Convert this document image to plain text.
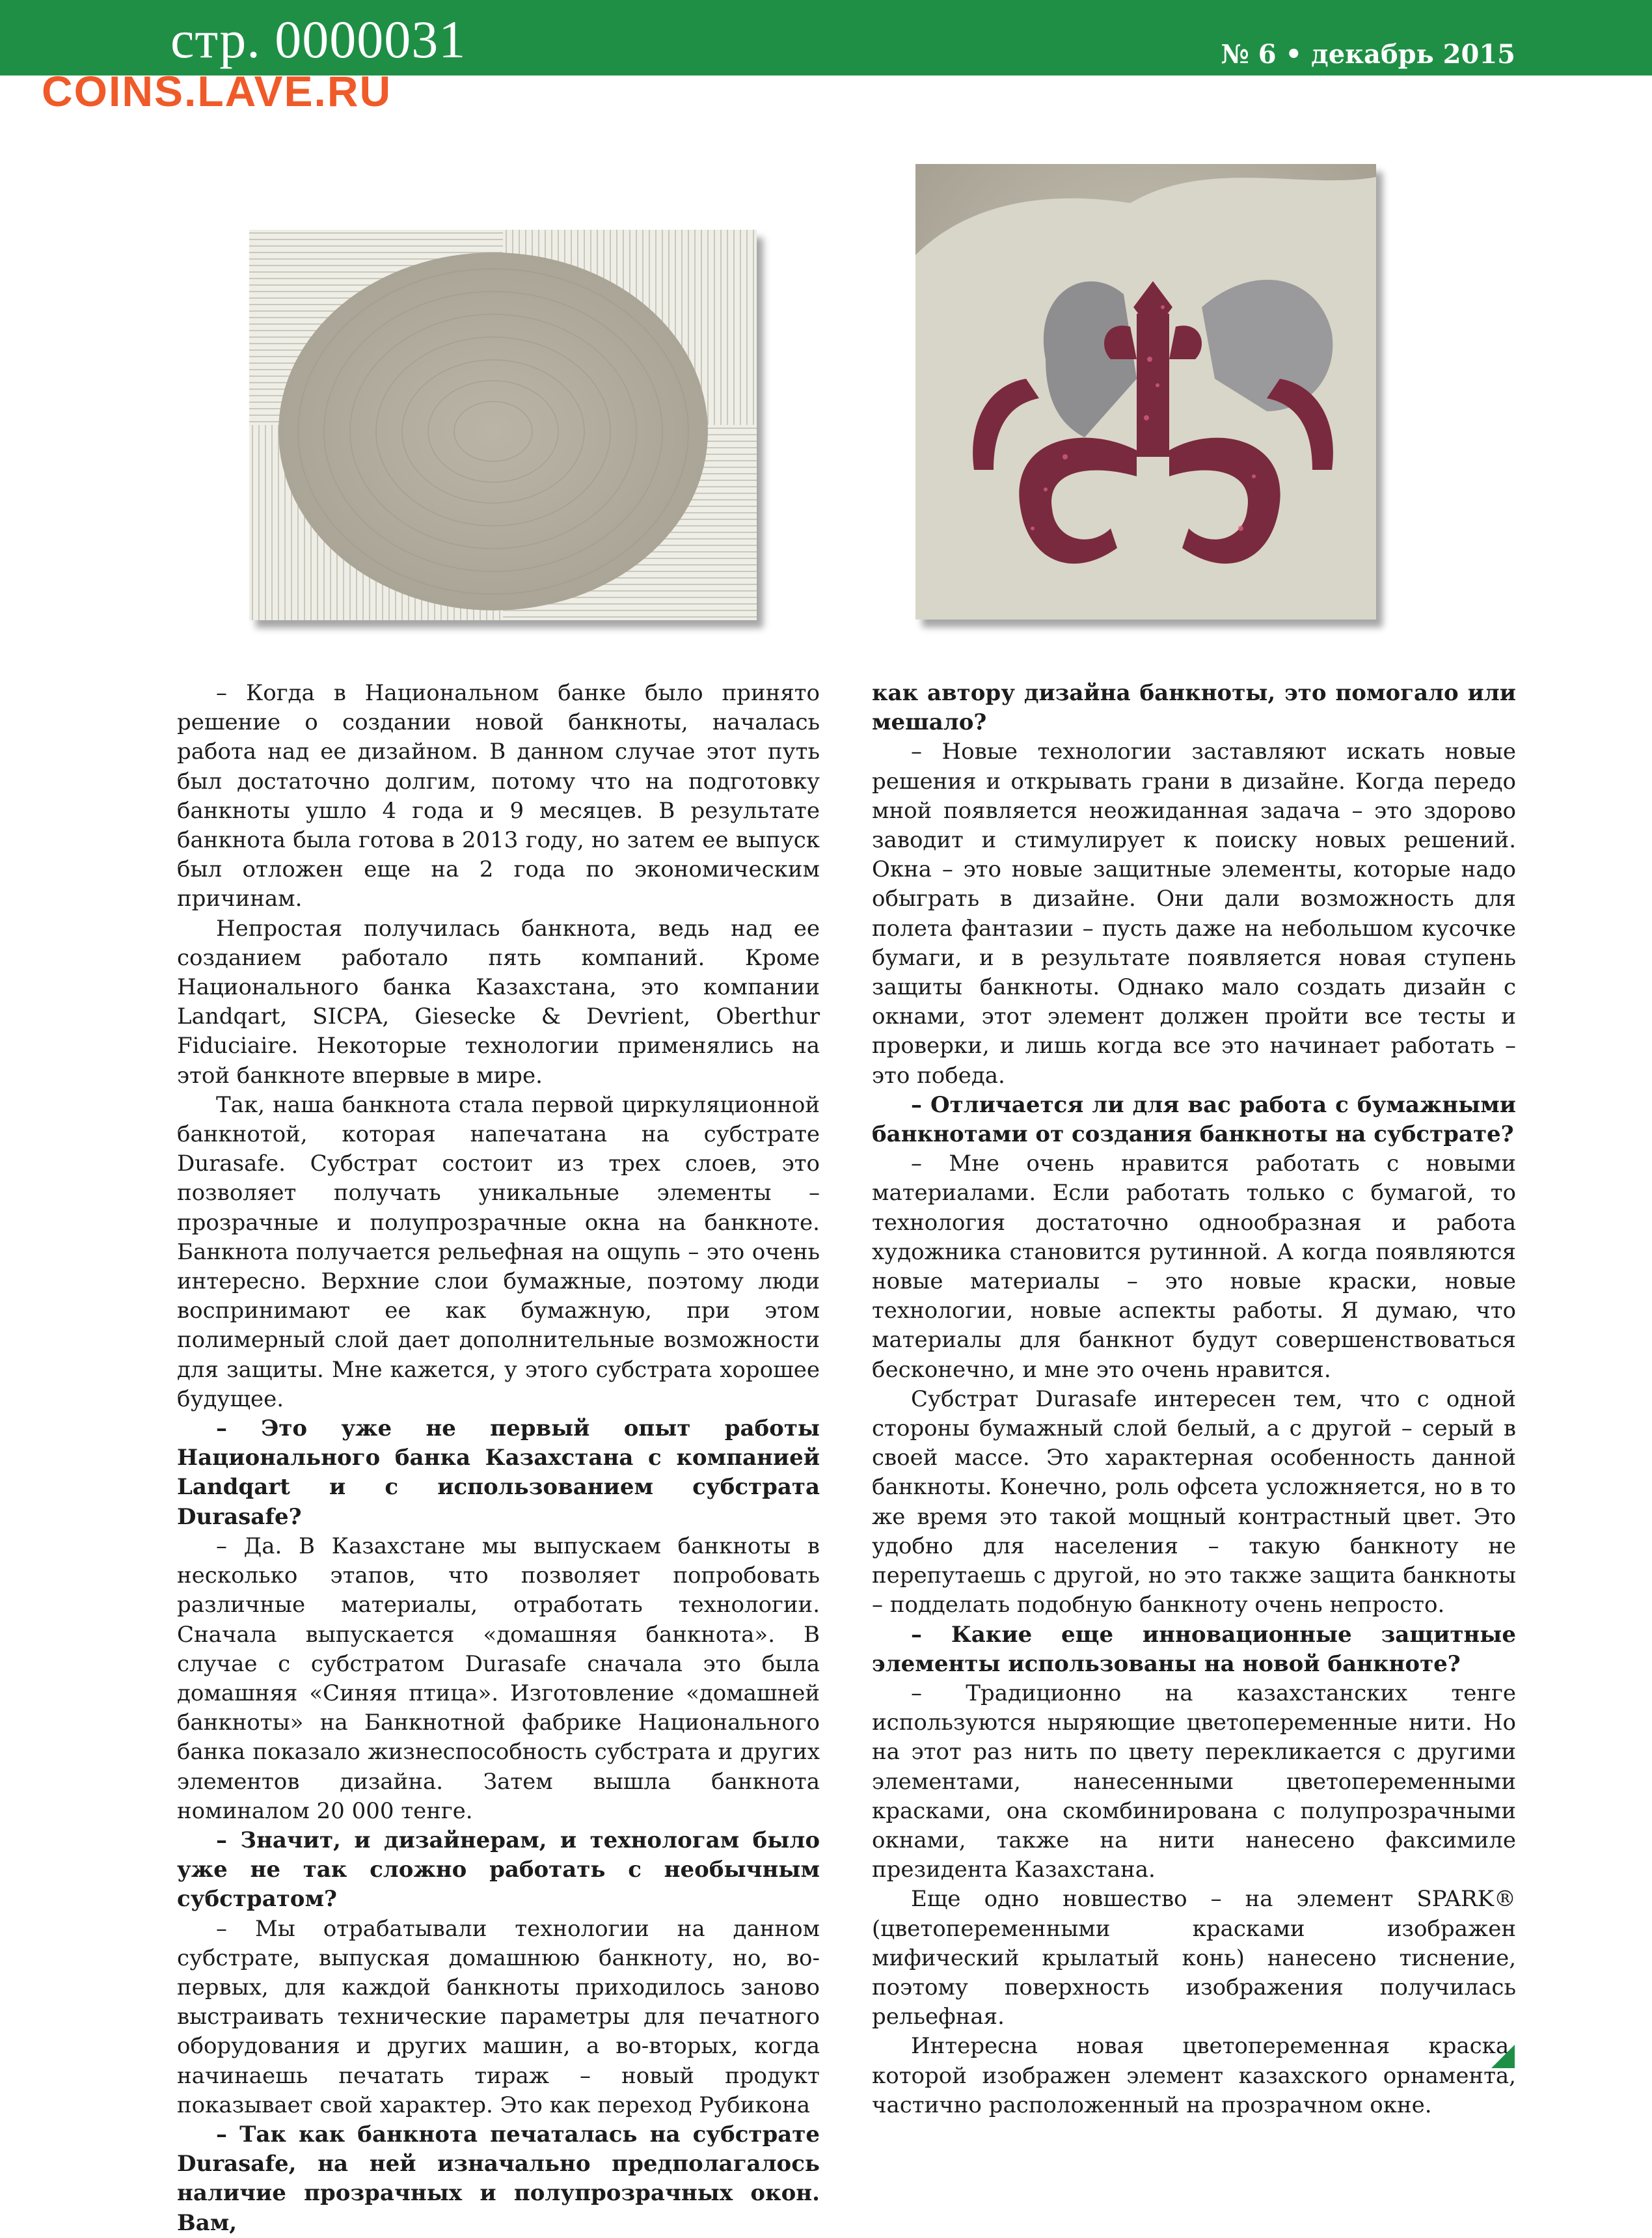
стр. 0000031	№ 6 • декабрь 2015
COINS.LAVE.RU

– Когда в Национальном банке было принято решение о создании новой банкноты, началась работа над ее дизайном. В данном случае этот путь был достаточно долгим, потому что на подготовку банкноты ушло 4 года и 9 месяцев. В результате банкнота была готова в 2013 году, но затем ее выпуск был отложен еще на 2 года по экономическим причинам.

Непростая получилась банкнота, ведь над ее созданием работало пять компаний. Кроме Национального банка Казахстана, это компании Landqart, SICPA, Giesecke & Devrient, Oberthur Fiduciaire. Некоторые технологии применялись на этой банкноте впервые в мире.

Так, наша банкнота стала первой циркуляционной банкнотой, которая напечатана на субстрате Durasafe. Субстрат состоит из трех слоев, это позволяет получать уникальные элементы – прозрачные и полупрозрачные окна на банкноте. Банкнота получается рельефная на ощупь – это очень интересно. Верхние слои бумажные, поэтому люди воспринимают ее как бумажную, при этом полимерный слой дает дополнительные возможности для защиты. Мне кажется, у этого субстрата хорошее будущее.

– Это уже не первый опыт работы Национального банка Казахстана с компанией Landqart и с использованием субстрата Durasafe?

– Да. В Казахстане мы выпускаем банкноты в несколько этапов, что позволяет попробовать различные материалы, отработать технологии. Сначала выпускается «домашняя банкнота». В случае с субстратом Durasafe сначала это была домашняя «Синяя птица». Изготовление «домашней банкноты» на Банкнотной фабрике Национального банка показало жизнеспособность субстрата и других элементов дизайна. Затем вышла банкнота номиналом 20 000 тенге.

– Значит, и дизайнерам, и технологам было уже не так сложно работать с необычным субстратом?

– Мы отрабатывали технологии на данном субстрате, выпуская домашнюю банкноту, но, во-первых, для каждой банкноты приходилось заново выстраивать технические параметры для печатного оборудования и других машин, а во-вторых, когда начинаешь печатать тираж – новый продукт показывает свой характер. Это как переход Рубикона

– Так как банкнота печаталась на субстрате Durasafe, на ней изначально предполагалось наличие прозрачных и полупрозрачных окон. Вам,

как автору дизайна банкноты, это помогало или мешало?

– Новые технологии заставляют искать новые решения и открывать грани в дизайне. Когда передо мной появляется неожиданная задача – это здорово заводит и стимулирует к поиску новых решений. Окна – это новые защитные элементы, которые надо обыграть в дизайне. Они дали возможность для полета фантазии – пусть даже на небольшом кусочке бумаги, и в результате появляется новая ступень защиты банкноты. Однако мало создать дизайн с окнами, этот элемент должен пройти все тесты и проверки, и лишь когда все это начинает работать – это победа.

– Отличается ли для вас работа с бумажными банкнотами от создания банкноты на субстрате?

– Мне очень нравится работать с новыми материалами. Если работать только с бумагой, то технология достаточно однообразная и работа художника становится рутинной. А когда появляются новые материалы – это новые краски, новые технологии, новые аспекты работы. Я думаю, что материалы для банкнот будут совершенствоваться бесконечно, и мне это очень нравится.

Субстрат Durasafe интересен тем, что с одной стороны бумажный слой белый, а с другой – серый в своей массе. Это характерная особенность данной банкноты. Конечно, роль офсета усложняется, но в то же время это такой мощный контрастный цвет. Это удобно для населения – такую банкноту не перепутаешь с другой, но это также защита банкноты – подделать подобную банкноту очень непросто.

– Какие еще инновационные защитные элементы использованы на новой банкноте?

– Традиционно на казахстанских тенге используются ныряющие цветопеременные нити. Но на этот раз нить по цвету перекликается с другими элементами, нанесенными цветопеременными красками, она скомбинирована с полупрозрачными окнами, также на нити нанесено факсимиле президента Казахстана.

Еще одно новшество – на элемент SPARK® (цветопеременными красками изображен мифический крылатый конь) нанесено тиснение, поэтому поверхность изображения получилась рельефная.

Интересна новая цветопеременная краска, которой изображен элемент казахского орнамента, частично расположенный на прозрачном окне.
